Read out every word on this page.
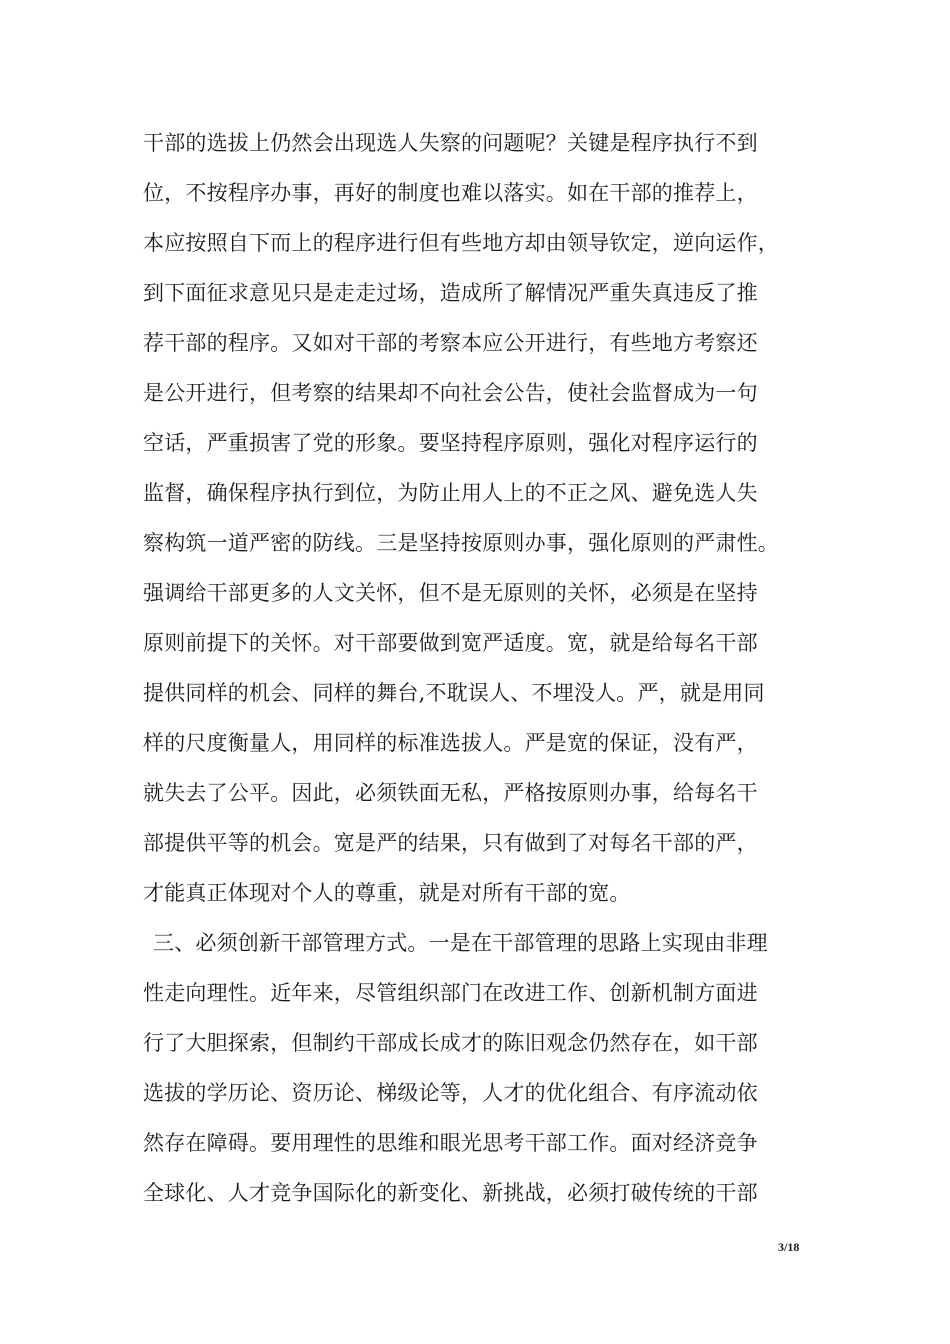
干部的选拔上仍然会出现选人失察的问题呢？关键是程序执行不到
位，不按程序办事，再好的制度也难以落实。如在干部的推荐上，
本应按照自下而上的程序进行但有些地方却由领导钦定，逆向运作，
到下面征求意见只是走走过场，造成所了解情况严重失真违反了推
荐干部的程序。又如对干部的考察本应公开进行，有些地方考察还
是公开进行，但考察的结果却不向社会公告，使社会监督成为一句
空话，严重损害了党的形象。要坚持程序原则，强化对程序运行的
监督，确保程序执行到位，为防止用人上的不正之风、避免选人失
察构筑一道严密的防线。三是坚持按原则办事，强化原则的严肃性。
强调给干部更多的人文关怀，但不是无原则的关怀，必须是在坚持
原则前提下的关怀。对干部要做到宽严适度。宽，就是给每名干部
提供同样的机会、同样的舞台,不耽误人、不埋没人。严，就是用同
样的尺度衡量人，用同样的标准选拔人。严是宽的保证，没有严，
就失去了公平。因此，必须铁面无私，严格按原则办事，给每名干
部提供平等的机会。宽是严的结果，只有做到了对每名干部的严，
才能真正体现对个人的尊重，就是对所有干部的宽。
三、必须创新干部管理方式。一是在干部管理的思路上实现由非理
性走向理性。近年来，尽管组织部门在改进工作、创新机制方面进
行了大胆探索，但制约干部成长成才的陈旧观念仍然存在，如干部
选拔的学历论、资历论、梯级论等，人才的优化组合、有序流动依
然存在障碍。要用理性的思维和眼光思考干部工作。面对经济竞争
全球化、人才竞争国际化的新变化、新挑战，必须打破传统的干部
3/18
